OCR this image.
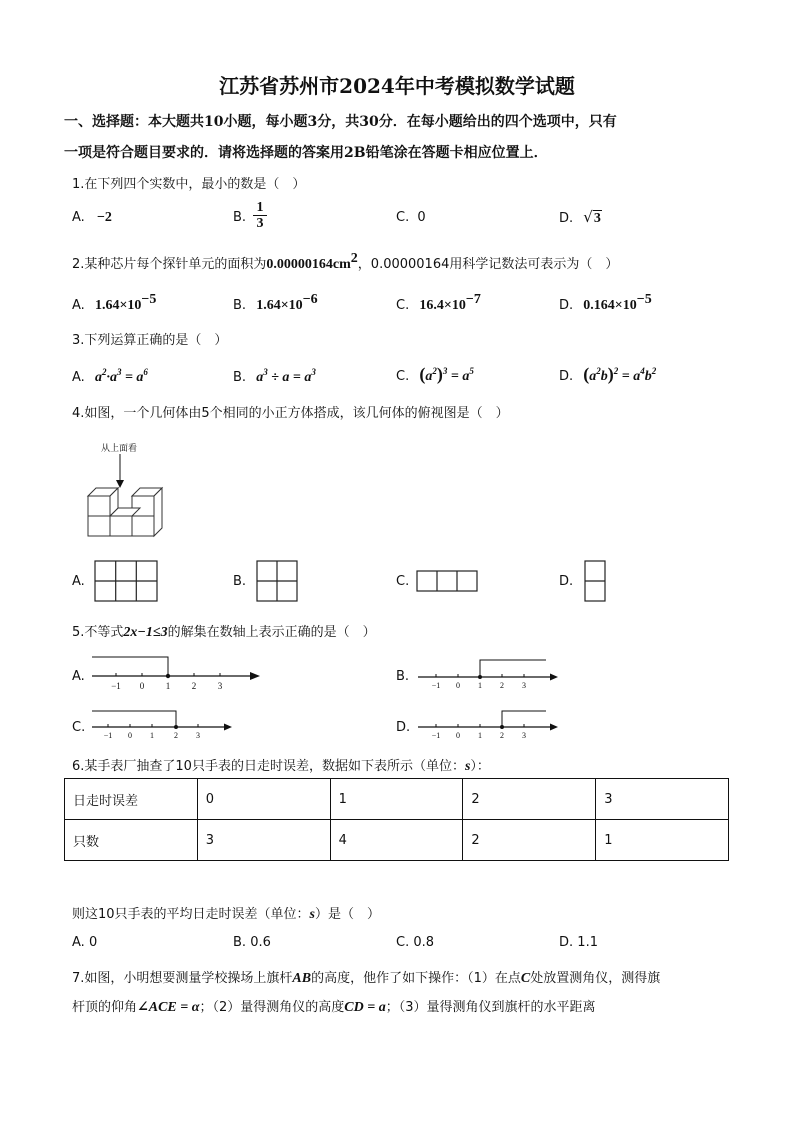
江苏省苏州市2024年中考模拟数学试题
一、选择题：本大题共10小题，每小题3分，共30分．在每小题给出的四个选项中，只有
一项是符合题目要求的．请将选择题的答案用2B铅笔涂在答题卡相应位置上．
1.在下列四个实数中，最小的数是（　）
A. −2	B. $\frac{1}{3}$	C. 0	D. √3
2.某种芯片每个探针单元的面积为$0.00000164cm^2$，0.00000164用科学记数法可表示为（　）
A. $1.64\times 10^{-5}$	B. $1.64\times 10^{-6}$	C. $16.4\times 10^{-7}$	D. $0.164\times 10^{-5}$
3.下列运算正确的是（　）
A. $a^2\cdot a^3 = a^6$	B. $a^3 \div a = a^3$	C. $(a^2)^3 = a^5$	D. $(a^2b)^2 = a^4b^2$
4.如图，一个几何体由5个相同的小正方体搭成，该几何体的俯视图是（　）
从上面看
A.	B.	C.	D.
5.不等式2x−1≤3的解集在数轴上表示正确的是（　）
A.
−1 0 1 2 3
B.
−1 0 1 2 3
C.
−1 0 1	2 3
D.
−1 0 1 2 3
6.某手表厂抽查了10只手表的日走时误差，数据如下表所示（单位：s）：
日走时误差	0	1	2	3
只数	3	4	2	1
则这10只手表的平均日走时误差（单位：s）是（　）
A. 0	B. 0.6	C. 0.8	D. 1.1
7.如图，小明想要测量学校操场上旗杆AB的高度，他作了如下操作：（1）在点C处放置测角仪，测得旗
杆顶的仰角∠ACE = α；（2）量得测角仪的高度CD = a；（3）量得测角仪到旗杆的水平距离
